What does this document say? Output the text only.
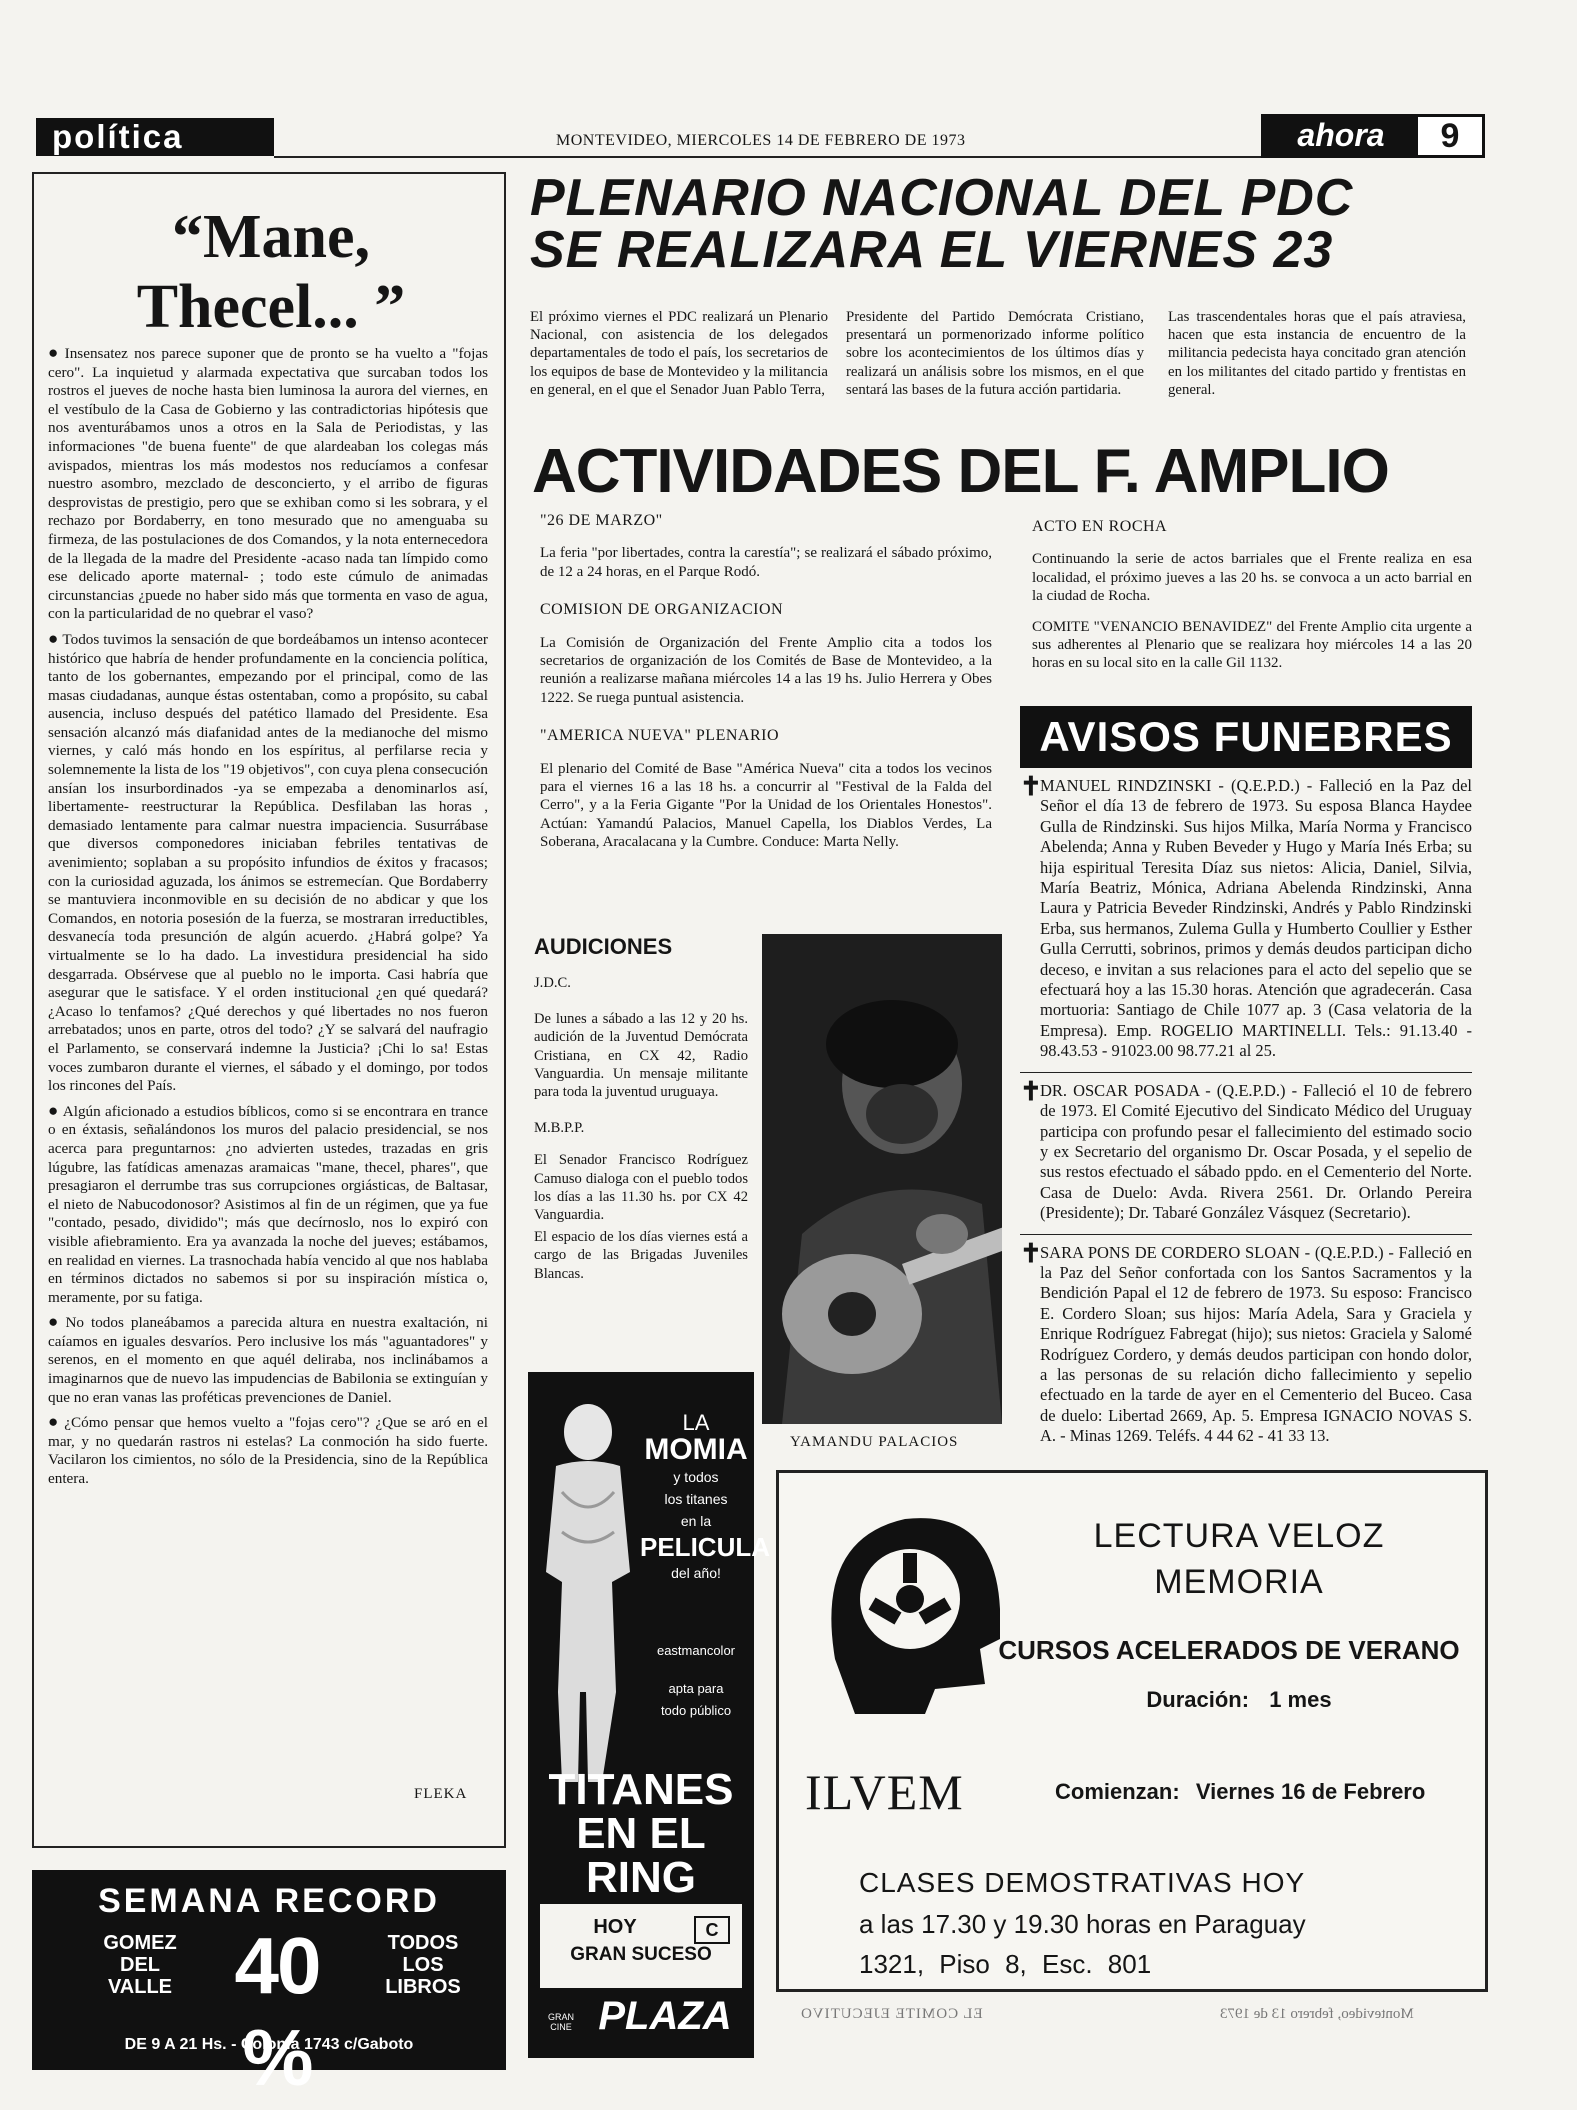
política	MONTEVIDEO, MIERCOLES 14 DE FEBRERO DE 1973	ahora	9
“Mane,
Thecel... ”

● Insensatez nos parece suponer que de pronto se ha vuelto a "fojas cero". La inquietud y alarmada expectativa que surcaban todos los rostros el jueves de noche hasta bien luminosa la aurora del viernes, en el vestíbulo de la Casa de Gobierno y las contradictorias hipótesis que nos aventurábamos unos a otros en la Sala de Periodistas, y las informaciones "de buena fuente" de que alardeaban los colegas más avispados, mientras los más modestos nos reducíamos a confesar nuestro asombro, mezclado de desconcierto, y el arribo de figuras desprovistas de prestigio, pero que se exhiban como si les sobrara, y el rechazo por Bordaberry, en tono mesurado que no amenguaba su firmeza, de las postulaciones de dos Comandos, y la nota enternecedora de la llegada de la madre del Presidente -acaso nada tan límpido como ese delicado aporte maternal- ; todo este cúmulo de animadas circunstancias ¿puede no haber sido más que tormenta en vaso de agua, con la particularidad de no quebrar el vaso?

● Todos tuvimos la sensación de que bordeábamos un intenso acontecer histórico que habría de hender profundamente en la conciencia política, tanto de los gobernantes, empezando por el principal, como de las masas ciudadanas, aunque éstas ostentaban, como a propósito, su cabal ausencia, incluso después del patético llamado del Presidente. Esa sensación alcanzó más diafanidad antes de la medianoche del mismo viernes, y caló más hondo en los espíritus, al perfilarse recia y solemnemente la lista de los "19 objetivos", con cuya plena consecución ansían los insurbordinados -ya se empezaba a denominarlos así, libertamente- reestructurar la República. Desfilaban las horas , demasiado lentamente para calmar nuestra impaciencia. Susurrábase que diversos componedores iniciaban febriles tentativas de avenimiento; soplaban a su propósito infundios de éxitos y fracasos; con la curiosidad aguzada, los ánimos se estremecían. Que Bordaberry se mantuviera inconmovible en su decisión de no abdicar y que los Comandos, en notoria posesión de la fuerza, se mostraran irreductibles, desvanecía toda presunción de algún acuerdo. ¿Habrá golpe? Ya virtualmente se lo ha dado. La investidura presidencial ha sido desgarrada. Obsérvese que al pueblo no le importa. Casi habría que asegurar que le satisface. Y el orden institucional ¿en qué quedará? ¿Acaso lo tenfamos? ¿Qué derechos y qué libertades no nos fueron arrebatados; unos en parte, otros del todo? ¿Y se salvará del naufragio el Parlamento, se conservará indemne la Justicia? ¡Chi lo sa! Estas voces zumbaron durante el viernes, el sábado y el domingo, por todos los rincones del País.

● Algún aficionado a estudios bíblicos, como si se encontrara en trance o en éxtasis, señalándonos los muros del palacio presidencial, se nos acerca para preguntarnos: ¿no advierten ustedes, trazadas en gris lúgubre, las fatídicas amenazas aramaicas "mane, thecel, phares", que presagiaron el derrumbe tras sus corrupciones orgiásticas, de Baltasar, el nieto de Nabucodonosor? Asistimos al fin de un régimen, que ya fue "contado, pesado, dividido"; más que decírnoslo, nos lo expiró con visible afiebramiento. Era ya avanzada la noche del jueves; estábamos, en realidad en viernes. La trasnochada había vencido al que nos hablaba en términos dictados no sabemos si por su inspiración mística o, meramente, por su fatiga.

● No todos planeábamos a parecida altura en nuestra exaltación, ni caíamos en iguales desvaríos. Pero inclusive los más "aguantadores" y serenos, en el momento en que aquél deliraba, nos inclinábamos a imaginarnos que de nuevo las impudencias de Babilonia se extinguían y que no eran vanas las proféticas prevenciones de Daniel.

● ¿Cómo pensar que hemos vuelto a "fojas cero"? ¿Que se aró en el mar, y no quedarán rastros ni estelas? La conmoción ha sido fuerte. Vacilaron los cimientos, no sólo de la Presidencia, sino de la República entera.

FLEKA
SEMANA RECORD
GOMEZ
DEL
VALLE 40 %
TODOS
LOS
LIBROS
DE 9 A 21 Hs. - Colonia 1743 c/Gaboto
PLENARIO NACIONAL DEL PDC
SE REALIZARA EL VIERNES 23
El próximo viernes el PDC realizará un Plenario Nacional, con asistencia de los delegados departamentales de todo el país, los secretarios de los equipos de base de Montevideo y la militancia en general, en el que el Senador Juan Pablo Terra,
Presidente del Partido Demócrata Cristiano, presentará un pormenorizado informe político sobre los acontecimientos de los últimos días y realizará un análisis sobre los mismos, en el que sentará las bases de la futura acción partidaria.
Las trascendentales horas que el país atraviesa, hacen que esta instancia de encuentro de la militancia pedecista haya concitado gran atención en los militantes del citado partido y frentistas en general.
ACTIVIDADES DEL F. AMPLIO
"26 DE MARZO"

La feria "por libertades, contra la carestía"; se realizará el sábado próximo, de 12 a 24 horas, en el Parque Rodó.

COMISION DE ORGANIZACION

La Comisión de Organización del Frente Amplio cita a todos los secretarios de organización de los Comités de Base de Montevideo, a la reunión a realizarse mañana miércoles 14 a las 19 hs. Julio Herrera y Obes 1222. Se ruega puntual asistencia.

"AMERICA NUEVA" PLENARIO

El plenario del Comité de Base "América Nueva" cita a todos los vecinos para el viernes 16 a las 18 hs. a concurrir al "Festival de la Falda del Cerro", y a la Feria Gigante "Por la Unidad de los Orientales Honestos". Actúan: Yamandú Palacios, Manuel Capella, los Diablos Verdes, La Soberana, Aracalacana y la Cumbre. Conduce: Marta Nelly.

ACTO EN ROCHA

Continuando la serie de actos barriales que el Frente realiza en esa localidad, el próximo jueves a las 20 hs. se convoca a un acto barrial en la ciudad de Rocha.

COMITE "VENANCIO BENAVIDEZ" del Frente Amplio cita urgente a sus adherentes al Plenario que se realizara hoy miércoles 14 a las 20 horas en su local sito en la calle Gil 1132.

AUDICIONES
J.D.C.

De lunes a sábado a las 12 y 20 hs. audición de la Juventud Demócrata Cristiana, en CX 42, Radio Vanguardia. Un mensaje militante para toda la juventud uruguaya.

M.B.P.P.

El Senador Francisco Rodríguez Camuso dialoga con el pueblo todos los días a las 11.30 hs. por CX 42 Vanguardia.

El espacio de los días viernes está a cargo de las Brigadas Juveniles Blancas.

YAMANDU PALACIOS
AVISOS FUNEBRES

✝
MANUEL RINDZINSKI - (Q.E.P.D.) - Falleció en la Paz del Señor el día 13 de febrero de 1973. Su esposa Blanca Haydee Gulla de Rindzinski. Sus hijos Milka, María Norma y Francisco Abelenda; Anna y Ruben Beveder y Hugo y María Inés Erba; su hija espiritual Teresita Díaz sus nietos: Alicia, Daniel, Silvia, María Beatriz, Mónica, Adriana Abelenda Rindzinski, Anna Laura y Patricia Beveder Rindzinski, Andrés y Pablo Rindzinski Erba, sus hermanos, Zulema Gulla y Humberto Coullier y Esther Gulla Cerrutti, sobrinos, primos y demás deudos participan dicho deceso, e invitan a sus relaciones para el acto del sepelio que se efectuará hoy a las 15.30 horas. Atención que agradecerán. Casa mortuoria: Santiago de Chile 1077 ap. 3 (Casa velatoria de la Empresa). Emp. ROGELIO MARTINELLI. Tels.: 91.13.40 - 98.43.53 - 91023.00 98.77.21 al 25.

✝
DR. OSCAR POSADA - (Q.E.P.D.) - Falleció el 10 de febrero de 1973. El Comité Ejecutivo del Sindicato Médico del Uruguay participa con profundo pesar el fallecimiento del estimado socio y ex Secretario del organismo Dr. Oscar Posada, y el sepelio de sus restos efectuado el sábado ppdo. en el Cementerio del Norte. Casa de Duelo: Avda. Rivera 2561. Dr. Orlando Pereira (Presidente); Dr. Tabaré González Vásquez (Secretario).

✝
SARA PONS DE CORDERO SLOAN - (Q.E.P.D.) - Falleció en la Paz del Señor confortada con los Santos Sacramentos y la Bendición Papal el 12 de febrero de 1973. Su esposo: Francisco E. Cordero Sloan; sus hijos: María Adela, Sara y Graciela y Enrique Rodríguez Fabregat (hijo); sus nietos: Graciela y Salomé Rodríguez Cordero, y demás deudos participan con hondo dolor, a las personas de su relación dicho fallecimiento y sepelio efectuado en la tarde de ayer en el Cementerio del Buceo. Casa de duelo: Libertad 2669, Ap. 5. Empresa IGNACIO NOVAS S. A. - Minas 1269. Teléfs. 4 44 62 - 41 33 13.

LA
MOMIA
y todos
los titanes
en la
PELICULA
del año!
eastmancolor
apta para
todo público
TITANES
EN EL
RING
HOY
GRAN SUCESO
C
GRAN CINE PLAZA
LECTURA VELOZ
MEMORIA
CURSOS ACELERADOS DE VERANO
Duración: 1 mes
ILVEM	Comienzan: Viernes 16 de Febrero
CLASES DEMOSTRATIVAS HOY
a las 17.30 y 19.30 horas en Paraguay
1321, Piso 8, Esc. 801
EL COMITE EJECUTIVO	Montevideo, febrero 13 de 1973
